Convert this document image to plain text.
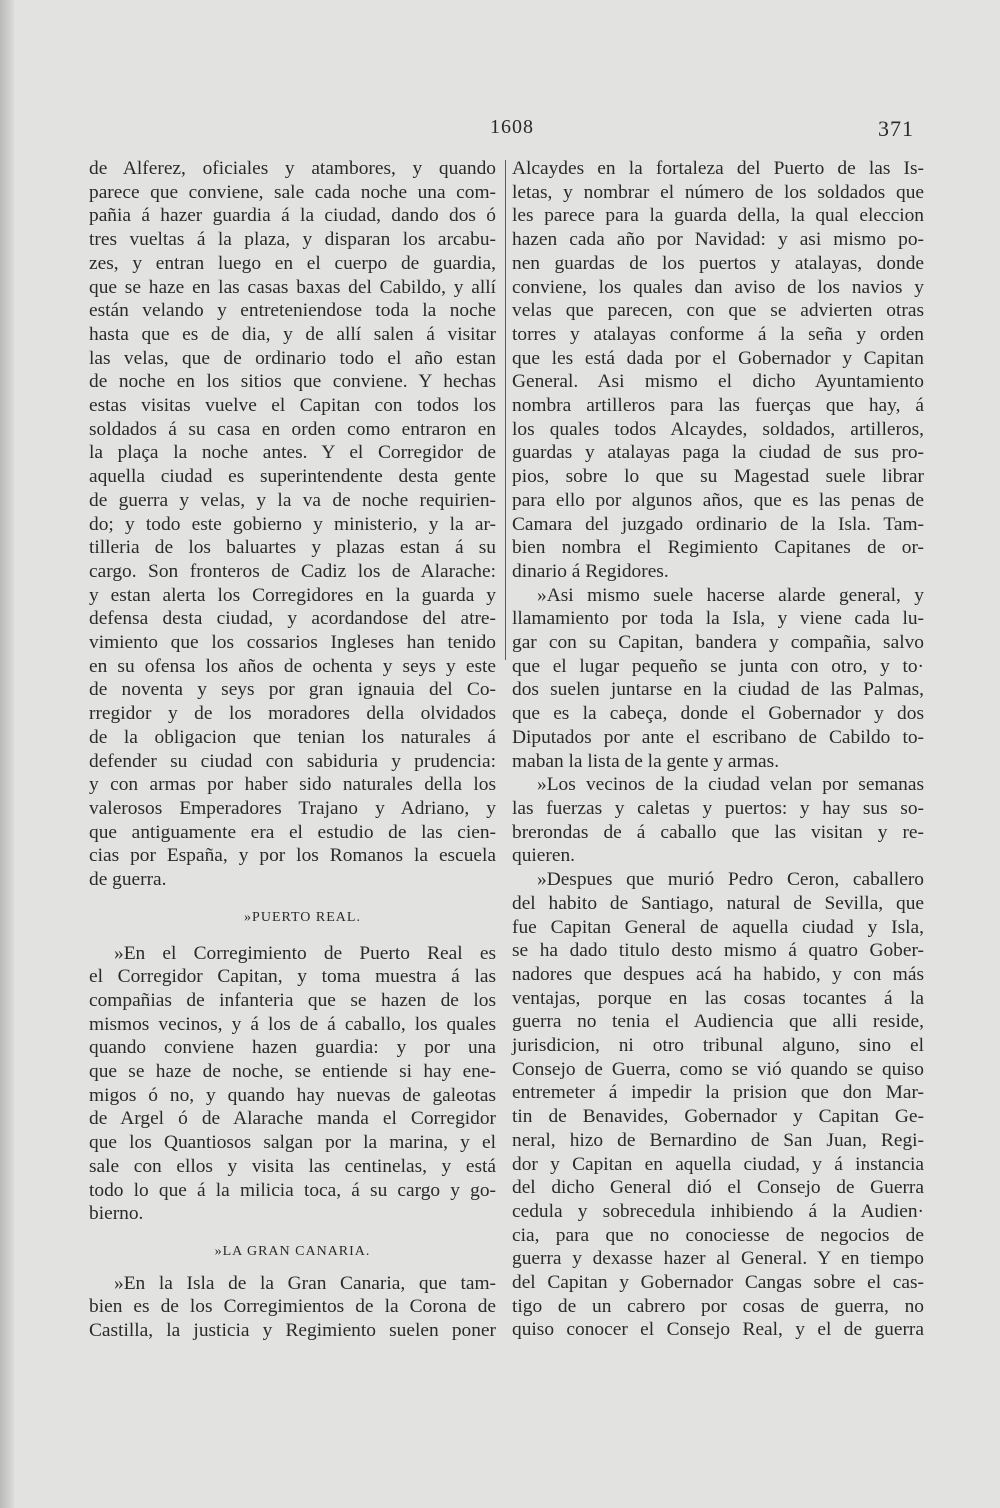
1608	371
de Alferez, oficiales y atambores, y quando
parece que conviene, sale cada noche una com-
pañia á hazer guardia á la ciudad, dando dos ó
tres vueltas á la plaza, y disparan los arcabu-
zes, y entran luego en el cuerpo de guardia,
que se haze en las casas baxas del Cabildo, y allí
están velando y entreteniendose toda la noche
hasta que es de dia, y de allí salen á visitar
las velas, que de ordinario todo el año estan
de noche en los sitios que conviene. Y hechas
estas visitas vuelve el Capitan con todos los
soldados á su casa en orden como entraron en
la plaça la noche antes. Y el Corregidor de
aquella ciudad es superintendente desta gente
de guerra y velas, y la va de noche requirien-
do; y todo este gobierno y ministerio, y la ar-
tilleria de los baluartes y plazas estan á su
cargo. Son fronteros de Cadiz los de Alarache:
y estan alerta los Corregidores en la guarda y
defensa desta ciudad, y acordandose del atre-
vimiento que los cossarios Ingleses han tenido
en su ofensa los años de ochenta y seys y este
de noventa y seys por gran ignauia del Co-
rregidor y de los moradores della olvidados
de la obligacion que tenian los naturales á
defender su ciudad con sabiduria y prudencia:
y con armas por haber sido naturales della los
valerosos Emperadores Trajano y Adriano, y
que antiguamente era el estudio de las cien-
cias por España, y por los Romanos la escuela
de guerra.
»PUERTO REAL.
»En el Corregimiento de Puerto Real es
el Corregidor Capitan, y toma muestra á las
compañias de infanteria que se hazen de los
mismos vecinos, y á los de á caballo, los quales
quando conviene hazen guardia: y por una
que se haze de noche, se entiende si hay ene-
migos ó no, y quando hay nuevas de galeotas
de Argel ó de Alarache manda el Corregidor
que los Quantiosos salgan por la marina, y el
sale con ellos y visita las centinelas, y está
todo lo que á la milicia toca, á su cargo y go-
bierno.
»LA GRAN CANARIA.
»En la Isla de la Gran Canaria, que tam-
bien es de los Corregimientos de la Corona de
Castilla, la justicia y Regimiento suelen poner
Alcaydes en la fortaleza del Puerto de las Is-
letas, y nombrar el número de los soldados que
les parece para la guarda della, la qual eleccion
hazen cada año por Navidad: y asi mismo po-
nen guardas de los puertos y atalayas, donde
conviene, los quales dan aviso de los navios y
velas que parecen, con que se advierten otras
torres y atalayas conforme á la seña y orden
que les está dada por el Gobernador y Capitan
General. Asi mismo el dicho Ayuntamiento
nombra artilleros para las fuerças que hay, á
los quales todos Alcaydes, soldados, artilleros,
guardas y atalayas paga la ciudad de sus pro-
pios, sobre lo que su Magestad suele librar
para ello por algunos años, que es las penas de
Camara del juzgado ordinario de la Isla. Tam-
bien nombra el Regimiento Capitanes de or-
dinario á Regidores.
»Asi mismo suele hacerse alarde general, y
llamamiento por toda la Isla, y viene cada lu-
gar con su Capitan, bandera y compañia, salvo
que el lugar pequeño se junta con otro, y to·
dos suelen juntarse en la ciudad de las Palmas,
que es la cabeça, donde el Gobernador y dos
Diputados por ante el escribano de Cabildo to-
maban la lista de la gente y armas.
»Los vecinos de la ciudad velan por semanas
las fuerzas y caletas y puertos: y hay sus so-
brerondas de á caballo que las visitan y re-
quieren.
»Despues que murió Pedro Ceron, caballero
del habito de Santiago, natural de Sevilla, que
fue Capitan General de aquella ciudad y Isla,
se ha dado titulo desto mismo á quatro Gober-
nadores que despues acá ha habido, y con más
ventajas, porque en las cosas tocantes á la
guerra no tenia el Audiencia que alli reside,
jurisdicion, ni otro tribunal alguno, sino el
Consejo de Guerra, como se vió quando se quiso
entremeter á impedir la prision que don Mar-
tin de Benavides, Gobernador y Capitan Ge-
neral, hizo de Bernardino de San Juan, Regi-
dor y Capitan en aquella ciudad, y á instancia
del dicho General dió el Consejo de Guerra
cedula y sobrecedula inhibiendo á la Audien·
cia, para que no conociesse de negocios de
guerra y dexasse hazer al General. Y en tiempo
del Capitan y Gobernador Cangas sobre el cas-
tigo de un cabrero por cosas de guerra, no
quiso conocer el Consejo Real, y el de guerra
